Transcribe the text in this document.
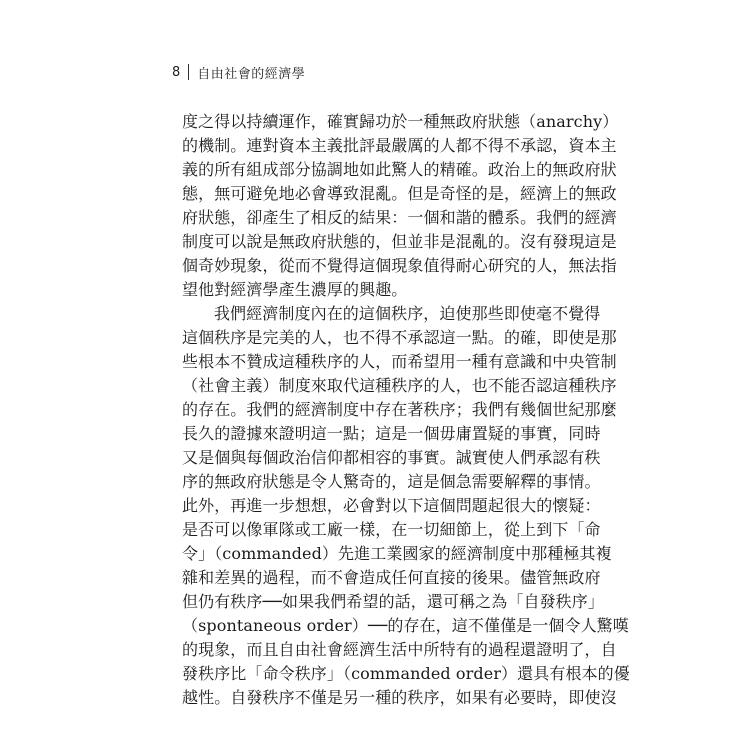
8 自由社會的經濟學
度之得以持續運作，確實歸功於一種無政府狀態（anarchy）
的機制。連對資本主義批評最嚴厲的人都不得不承認，資本主
義的所有組成部分協調地如此驚人的精確。政治上的無政府狀
態，無可避免地必會導致混亂。但是奇怪的是，經濟上的無政
府狀態，卻產生了相反的結果：一個和諧的體系。我們的經濟
制度可以說是無政府狀態的，但並非是混亂的。沒有發現這是
個奇妙現象，從而不覺得這個現象值得耐心研究的人，無法指
望他對經濟學產生濃厚的興趣。
我們經濟制度內在的這個秩序，迫使那些即使毫不覺得
這個秩序是完美的人，也不得不承認這一點。的確，即使是那
些根本不贊成這種秩序的人，而希望用一種有意識和中央管制
（社會主義）制度來取代這種秩序的人，也不能否認這種秩序
的存在。我們的經濟制度中存在著秩序；我們有幾個世紀那麼
長久的證據來證明這一點；這是一個毋庸置疑的事實，同時
又是個與每個政治信仰都相容的事實。誠實使人們承認有秩
序的無政府狀態是令人驚奇的，這是個急需要解釋的事情。
此外，再進一步想想，必會對以下這個問題起很大的懷疑：
是否可以像軍隊或工廠一樣，在一切細節上，從上到下「命
令」（commanded）先進工業國家的經濟制度中那種極其複
雜和差異的過程，而不會造成任何直接的後果。儘管無政府
但仍有秩序──如果我們希望的話，還可稱之為「自發秩序」
（spontaneous order）──的存在，這不僅僅是一個令人驚嘆
的現象，而且自由社會經濟生活中所特有的過程還證明了，自
發秩序比「命令秩序」（commanded order）還具有根本的優
越性。自發秩序不僅是另一種的秩序，如果有必要時，即使沒
